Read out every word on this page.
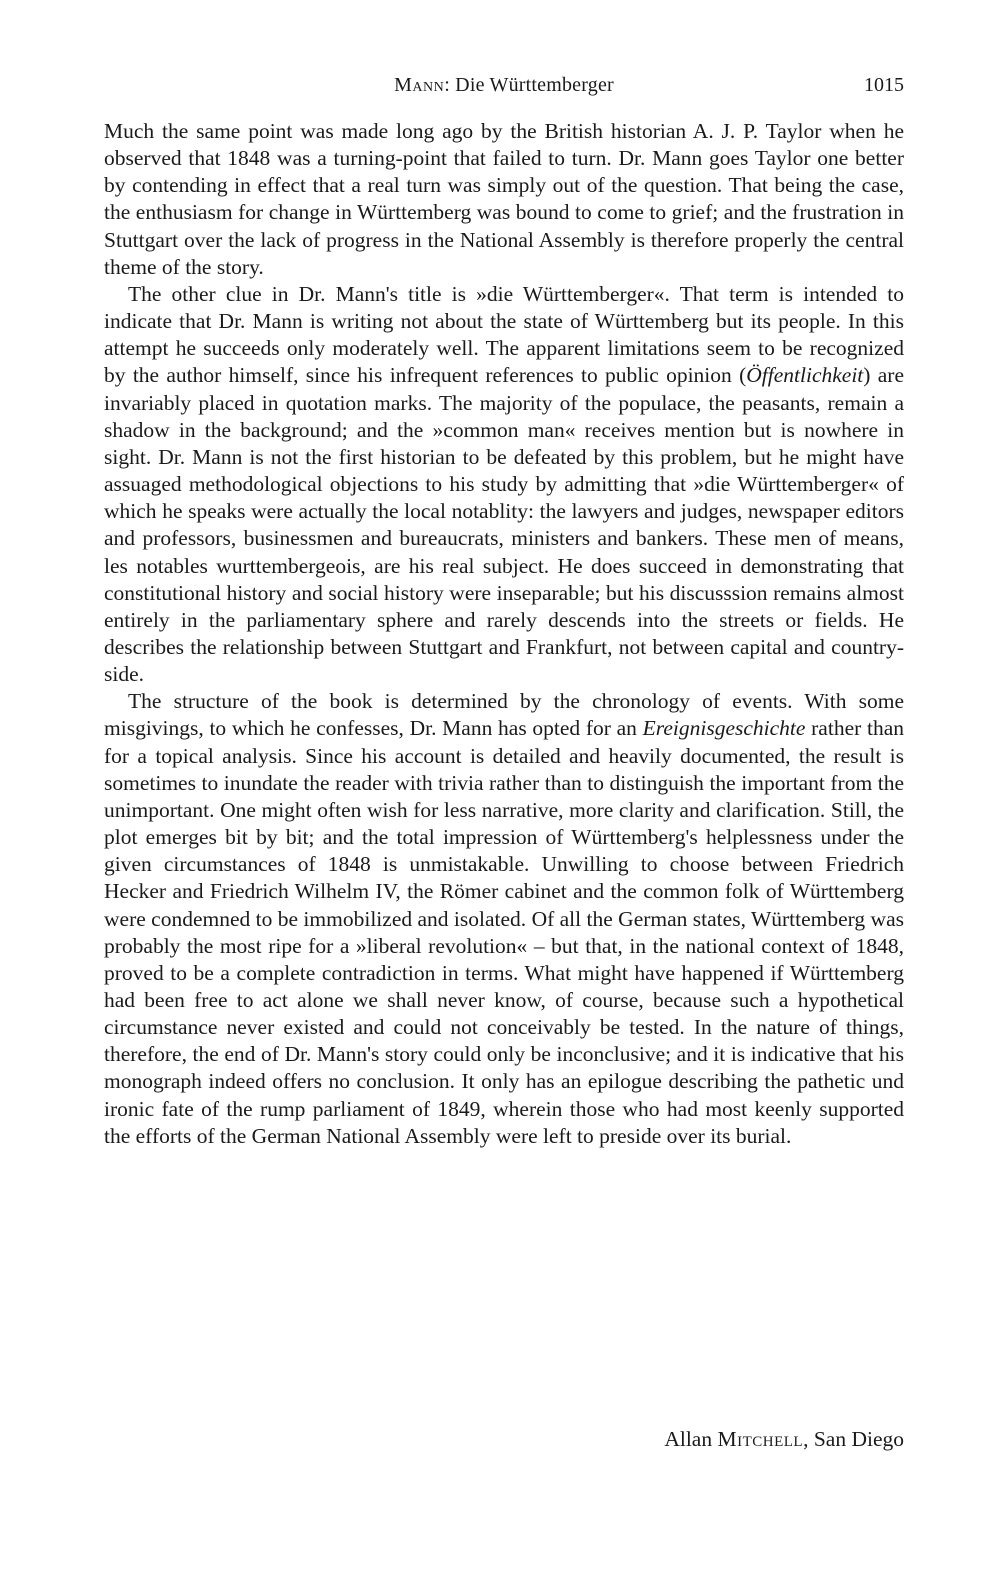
Mann: Die Württemberger	1015

Much the same point was made long ago by the British historian A. J. P. Taylor when he observed that 1848 was a turning-point that failed to turn. Dr. Mann goes Taylor one better by contending in effect that a real turn was simply out of the question. That being the case, the enthusiasm for change in Württemberg was bound to come to grief; and the frustration in Stuttgart over the lack of progress in the National Assembly is therefore properly the central theme of the story.

The other clue in Dr. Mann's title is »die Württemberger«. That term is intended to indicate that Dr. Mann is writing not about the state of Württemberg but its people. In this attempt he succeeds only moderately well. The apparent limitations seem to be recognized by the author himself, since his infrequent references to public opinion (Öffentlichkeit) are invariably placed in quotation marks. The majority of the populace, the peasants, remain a shadow in the background; and the »common man« receives mention but is nowhere in sight. Dr. Mann is not the first historian to be defeated by this problem, but he might have assuaged methodological objections to his study by admitting that »die Württemberger« of which he speaks were actually the local notablity: the lawyers and judges, newspaper editors and professors, businessmen and bureaucrats, ministers and bankers. These men of means, les notables wurttembergeois, are his real subject. He does succeed in demonstrating that constitutional history and social history were inseparable; but his discusssion remains almost entirely in the parliamentary sphere and rarely descends into the streets or fields. He describes the relationship between Stuttgart and Frankfurt, not between capital and countryside.

The structure of the book is determined by the chronology of events. With some misgivings, to which he confesses, Dr. Mann has opted for an Ereignisgeschichte rather than for a topical analysis. Since his account is detailed and heavily documented, the result is sometimes to inundate the reader with trivia rather than to distinguish the important from the unimportant. One might often wish for less narrative, more clarity and clarification. Still, the plot emerges bit by bit; and the total impression of Württemberg's helplessness under the given circumstances of 1848 is unmistakable. Unwilling to choose between Friedrich Hecker and Friedrich Wilhelm IV, the Römer cabinet and the common folk of Württemberg were condemned to be immobilized and isolated. Of all the German states, Württemberg was probably the most ripe for a »liberal revolution« – but that, in the national context of 1848, proved to be a complete contradiction in terms. What might have happened if Württemberg had been free to act alone we shall never know, of course, because such a hypothetical circumstance never existed and could not conceivably be tested. In the nature of things, therefore, the end of Dr. Mann's story could only be inconclusive; and it is indicative that his monograph indeed offers no conclusion. It only has an epilogue describing the pathetic und ironic fate of the rump parliament of 1849, wherein those who had most keenly supported the efforts of the German National Assembly were left to preside over its burial.

Allan Mitchell, San Diego
